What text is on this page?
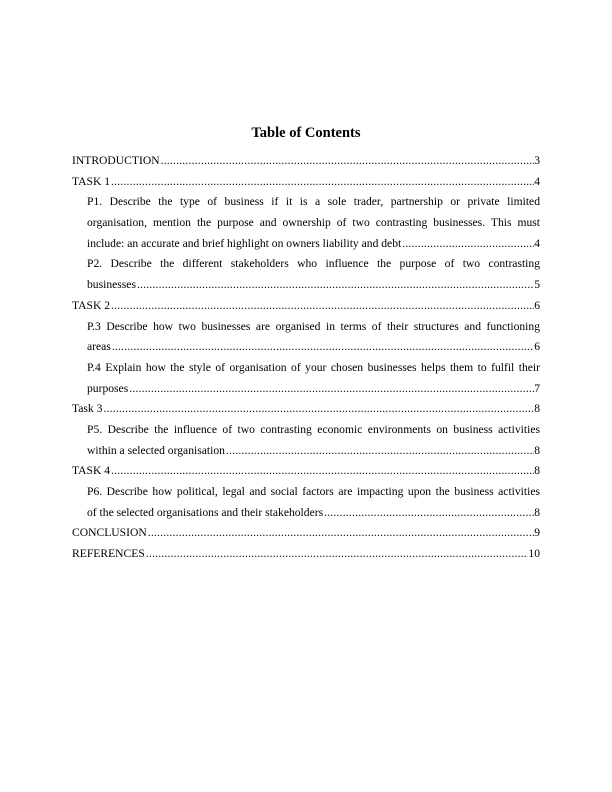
Table of Contents
INTRODUCTION .....	3
TASK 1 .....	4
P1. Describe the type of business if it is a sole trader, partnership or private limited
organisation, mention the purpose and ownership of two contrasting businesses. This must
include: an accurate and brief highlight on owners liability and debt .....	4
P2. Describe the different stakeholders who influence the purpose of two contrasting
businesses .....	5
TASK 2 .....	6
P.3 Describe how two businesses are organised in terms of their structures and functioning
areas .....	6
P.4 Explain how the style of organisation of your chosen businesses helps them to fulfil their
purposes .....	7
Task 3 .....	8
P5. Describe the influence of two contrasting economic environments on business activities
within a selected organisation .....	8
TASK 4 .....	8
P6. Describe how political, legal and social factors are impacting upon the business activities
of the selected organisations and their stakeholders .....	8
CONCLUSION .....	9
REFERENCES .....	10
